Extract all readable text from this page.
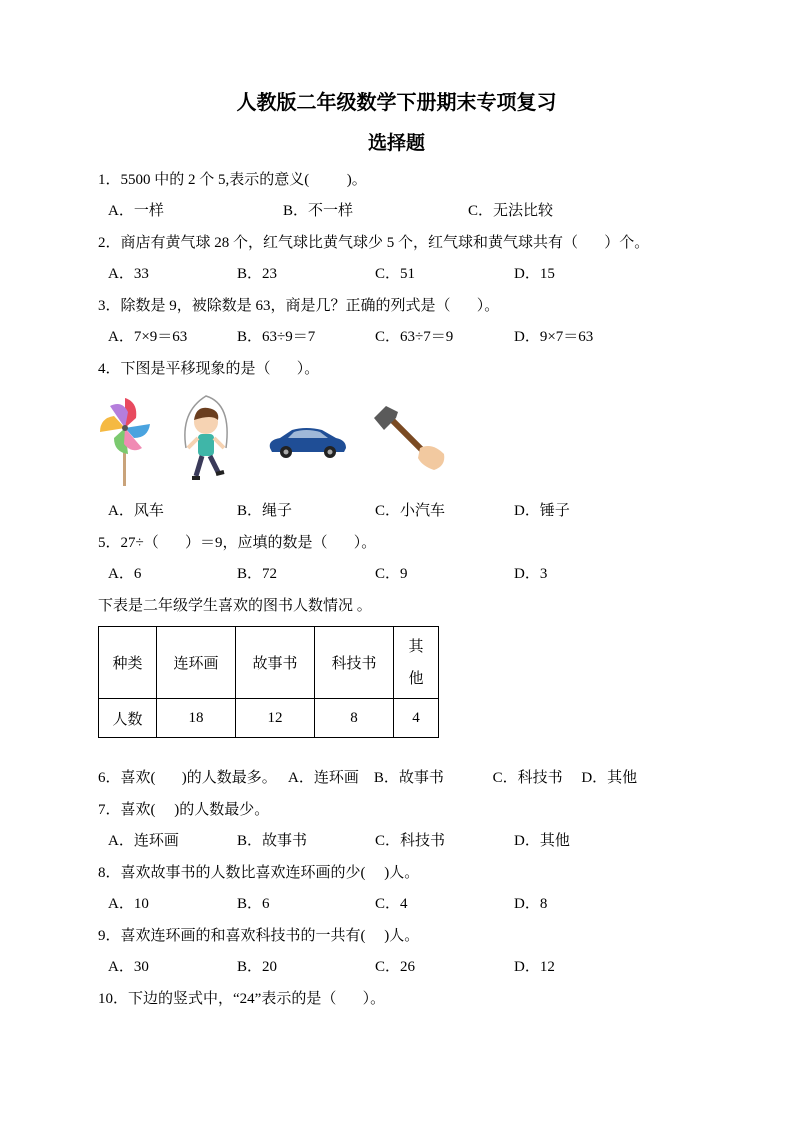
人教版二年级数学下册期末专项复习
选择题
1．5500 中的 2 个 5,表示的意义(          )。
A．一样	B．不一样	C．无法比较
2．商店有黄气球 28 个，红气球比黄气球少 5 个，红气球和黄气球共有（       ）个。
A．33	B．23	C．51	D．15
3．除数是 9，被除数是 63，商是几？正确的列式是（       ）。
A．7×9＝63	B．63÷9＝7	C．63÷7＝9	D．9×7＝63
4．下图是平移现象的是（       ）。
A．风车	B．绳子	C．小汽车	D．锤子
5．27÷（       ）＝9，应填的数是（       ）。
A．6	B．72	C．9	D．3
下表是二年级学生喜欢的图书人数情况 。
种类	连环画	故事书	科技书	其
他
人数	18	12	8	4
6．喜欢(       )的人数最多。   A．连环画    B．故事书             C．科技书     D．其他
7．喜欢(     )的人数最少。
A．连环画	B．故事书	C．科技书	D．其他
8．喜欢故事书的人数比喜欢连环画的少(     )人。
A．10	B．6	C．4	D．8
9．喜欢连环画的和喜欢科技书的一共有(     )人。
A．30	B．20	C．26	D．12
10．下边的竖式中，“24”表示的是（       ）。
